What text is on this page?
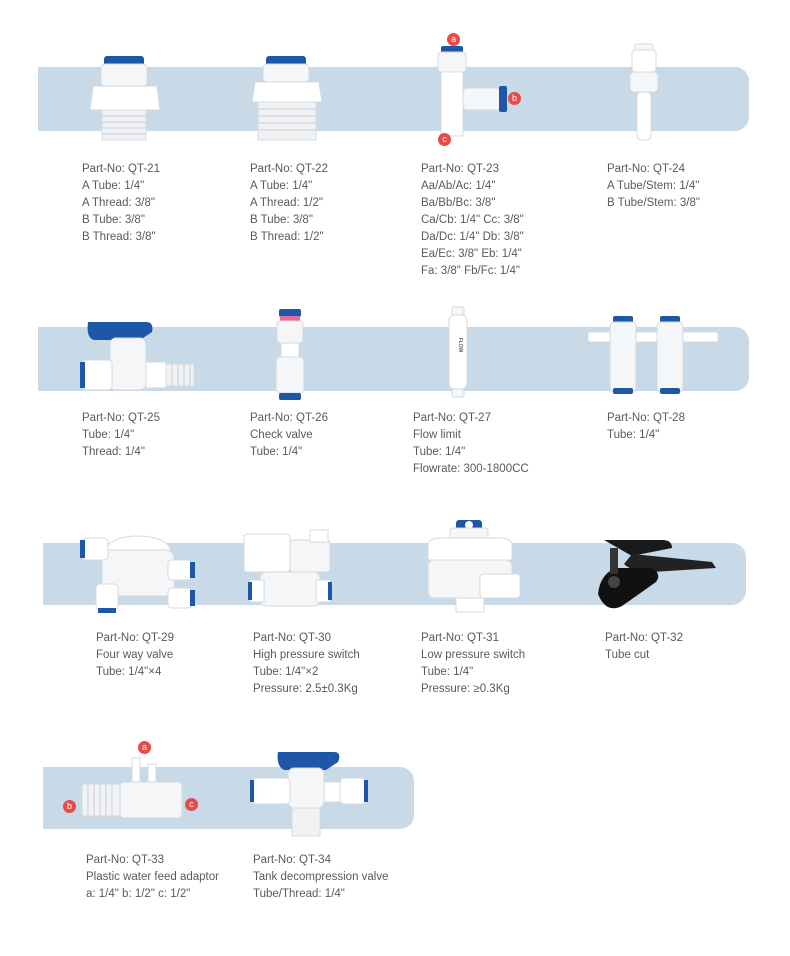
Part-No: QT-21
A Tube: 1/4"
A Thread: 3/8"
B Tube: 3/8"
B Thread: 3/8"
Part-No: QT-22
A Tube: 1/4"
A Thread: 1/2"
B Tube: 3/8"
B Thread: 1/2"
a
b
c
Part-No: QT-23
Aa/Ab/Ac: 1/4"
Ba/Bb/Bc: 3/8"
Ca/Cb: 1/4" Cc: 3/8"
Da/Dc: 1/4" Db: 3/8"
Ea/Ec: 3/8" Eb: 1/4"
Fa: 3/8" Fb/Fc: 1/4"
Part-No: QT-24
A Tube/Stem: 1/4"
B Tube/Stem: 3/8"
Part-No: QT-25
Tube: 1/4"
Thread: 1/4"
Part-No: QT-26
Check valve
Tube: 1/4"
FLOW
Part-No: QT-27
Flow limit
Tube: 1/4"
Flowrate: 300-1800CC
Part-No: QT-28
Tube: 1/4"
Part-No: QT-29
Four way valve
Tube: 1/4"×4
Part-No: QT-30
High pressure switch
Tube: 1/4"×2
Pressure: 2.5±0.3Kg
Part-No: QT-31
Low pressure switch
Tube: 1/4"
Pressure: ≥0.3Kg
Part-No: QT-32
Tube cut
a
b	c
Part-No: QT-33
Plastic water feed adaptor
a: 1/4" b: 1/2" c: 1/2"
Part-No: QT-34
Tank decompression valve
Tube/Thread: 1/4"
